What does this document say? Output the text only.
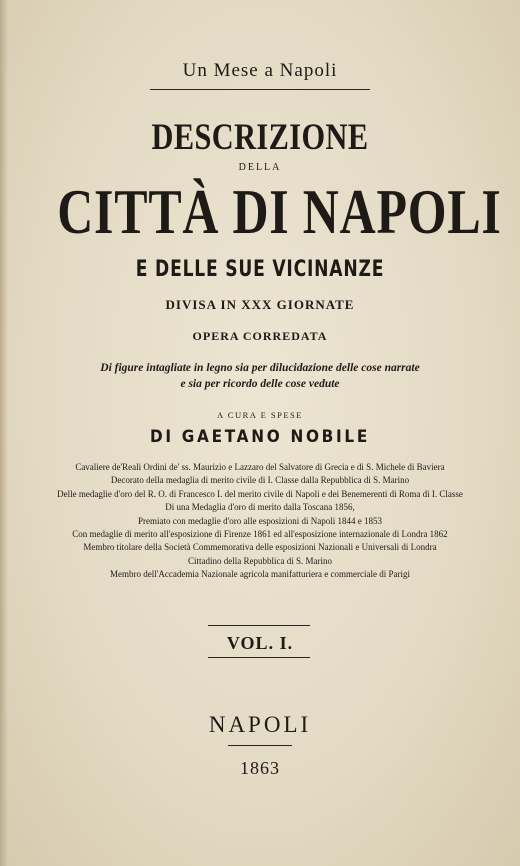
Un Mese a Napoli
DESCRIZIONE
DELLA
CITTÀ DI NAPOLI
E DELLE SUE VICINANZE
DIVISA IN XXX GIORNATE
OPERA CORREDATA
Di figure intagliate in legno sia per dilucidazione delle cose narrate
e sia per ricordo delle cose vedute
A CURA E SPESE
DI GAETANO NOBILE
Cavaliere de'Reali Ordini de' ss. Maurizio e Lazzaro del Salvatore di Grecia e di S. Michele di Baviera
Decorato della medaglia di merito civile di I. Classe dalla Repubblica di S. Marino
Delle medaglie d'oro del R. O. di Francesco I. del merito civile di Napoli e dei Benemerenti di Roma di I. Classe
Di una Medaglia d'oro di merito dalla Toscana 1856,
Premiato con medaglie d'oro alle esposizioni di Napoli 1844 e 1853
Con medaglie di merito all'esposizione di Firenze 1861 ed all'esposizione internazionale di Londra 1862
Membro titolare della Società Commemorativa delle esposizioni Nazionali e Universali di Londra
Cittadino della Repubblica di S. Marino
Membro dell'Accademia Nazionale agricola manifatturiera e commerciale di Parigi
VOL. I.
NAPOLI
1863
